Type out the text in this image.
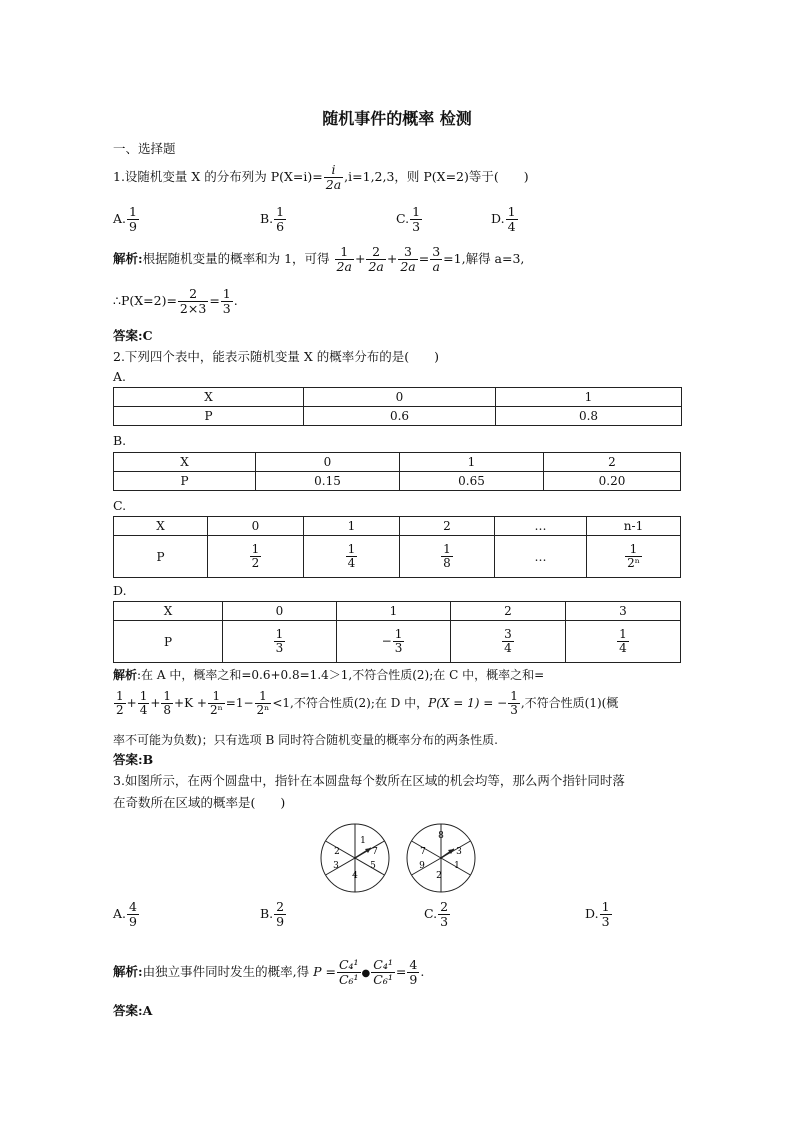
随机事件的概率 检测
一、选择题
1.设随机变量 X 的分布列为 $P(X=i)= \frac{i}{2a} ,i=1,2,3$，则 P(X=2)等于(　　)
A. $\frac{1}{9}$	B. $\frac{1}{6}$	C. $\frac{1}{3}$	D. $\frac{1}{4}$
解析:根据随机变量的概率和为 1，可得 $\frac{1}{2a} + \frac{2}{2a} + \frac{3}{2a} = \frac{3}{a} =1$,解得 a=3,
∴P(X=2)= $\frac{2}{2\times 3} = \frac{1}{3}$ .
答案:C
2.下列四个表中，能表示随机变量 X 的概率分布的是(　　)
A.
X	0	1
P	0.6	0.8
B.
X	0	1	2
P	0.15	0.65	0.20
C.
X	0	1	2	…	n-1
P	$\frac{1}{2}$	$\frac{1}{4}$	$\frac{1}{8}$	…	$\frac{1}{\text{2ⁿ}}$
D.
X	0	1	2	3
P	$\frac{1}{3}$	− $\frac{1}{3}$	$\frac{3}{4}$	$\frac{1}{4}$
解析:在 A 中，概率之和=0.6+0.8=1.4＞1,不符合性质(2);在 C 中，概率之和=
$\frac{1}{2} + \frac{1}{4} + \frac{1}{8} +K + \frac{1}{\text{2ⁿ}} =1- \frac{1}{\text{2ⁿ}} <1$,不符合性质(2);在 D 中，P(X = 1) = − $\frac{1}{3}$ ,不符合性质(1)(概
率不可能为负数)；只有选项 B 同时符合随机变量的概率分布的两条性质.
答案:B
3.如图所示，在两个圆盘中，指针在本圆盘每个数所在区域的机会均等，那么两个指针同时落
在奇数所在区域的概率是(　　)
1
7
5
4
3
2
8
3
1
2
9
7
A. $\frac{4}{9}$	B. $\frac{2}{9}$	C. $\frac{2}{3}$	D. $\frac{1}{3}$
解析:由独立事件同时发生的概率,得 $P = \frac{\text{C₄¹}}{\text{C₆¹}}$ ● $\frac{\text{C₄¹}}{\text{C₆¹}} = \frac{4}{9}$ .
答案:A
